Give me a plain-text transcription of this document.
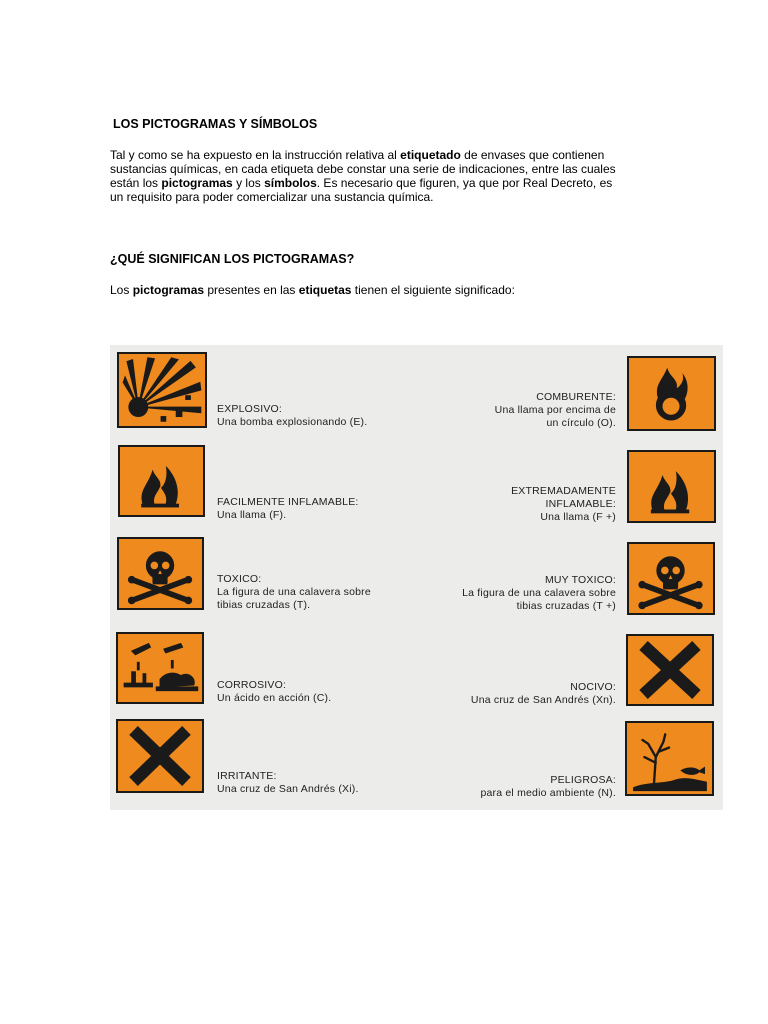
LOS PICTOGRAMAS Y SÍMBOLOS
Tal y como se ha expuesto en la instrucción relativa al etiquetado de envases que contienen
sustancias químicas, en cada etiqueta debe constar una serie de indicaciones, entre las cuales
están los pictogramas y los símbolos. Es necesario que figuren, ya que por Real Decreto, es
un requisito para poder comercializar una sustancia química.
¿QUÉ SIGNIFICAN LOS PICTOGRAMAS?
Los pictogramas presentes en las etiquetas tienen el siguiente significado:
EXPLOSIVO:
Una bomba explosionando (E).
COMBURENTE:
Una llama por encima de
un círculo (O).
FACILMENTE INFLAMABLE:
Una llama (F).
EXTREMADAMENTE
INFLAMABLE:
Una llama (F +)
TOXICO:
La figura de una calavera sobre
tibias cruzadas (T).
MUY TOXICO:
La figura de una calavera sobre
tibias cruzadas (T +)
CORROSIVO:
Un ácido en acción (C).
NOCIVO:
Una cruz de San Andrés (Xn).
IRRITANTE:
Una cruz de San Andrés (Xi).
PELIGROSA:
para el medio ambiente (N).
